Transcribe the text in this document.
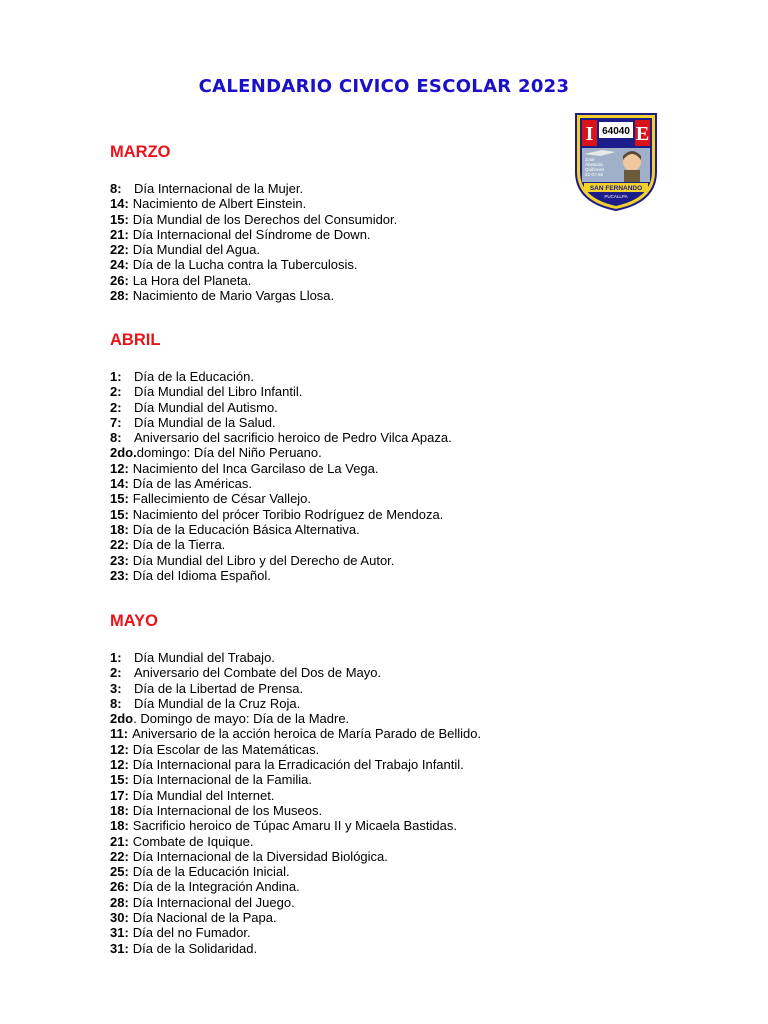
CALENDARIO CIVICO ESCOLAR 2023
I E
64040
José
Abelardo
Quiñones
22-07-68
SAN FERNANDO
PUCALLPA
MARZO
8: Día Internacional de la Mujer.
14: Nacimiento de Albert Einstein.
15: Día Mundial de los Derechos del Consumidor.
21: Día Internacional del Síndrome de Down.
22: Día Mundial del Agua.
24: Día de la Lucha contra la Tuberculosis.
26: La Hora del Planeta.
28: Nacimiento de Mario Vargas Llosa.
ABRIL
1: Día de la Educación.
2: Día Mundial del Libro Infantil.
2: Día Mundial del Autismo.
7: Día Mundial de la Salud.
8: Aniversario del sacrificio heroico de Pedro Vilca Apaza.
2do.domingo: Día del Niño Peruano.
12: Nacimiento del Inca Garcilaso de La Vega.
14: Día de las Américas.
15: Fallecimiento de César Vallejo.
15: Nacimiento del prócer Toribio Rodríguez de Mendoza.
18: Día de la Educación Básica Alternativa.
22: Día de la Tierra.
23: Día Mundial del Libro y del Derecho de Autor.
23: Día del Idioma Español.
MAYO
1: Día Mundial del Trabajo.
2: Aniversario del Combate del Dos de Mayo.
3: Día de la Libertad de Prensa.
8: Día Mundial de la Cruz Roja.
2do. Domingo de mayo: Día de la Madre.
11: Aniversario de la acción heroica de María Parado de Bellido.
12: Día Escolar de las Matemáticas.
12: Día Internacional para la Erradicación del Trabajo Infantil.
15: Día Internacional de la Familia.
17: Día Mundial del Internet.
18: Día Internacional de los Museos.
18: Sacrificio heroico de Túpac Amaru II y Micaela Bastidas.
21: Combate de Iquique.
22: Día Internacional de la Diversidad Biológica.
25: Día de la Educación Inicial.
26: Día de la Integración Andina.
28: Día Internacional del Juego.
30: Día Nacional de la Papa.
31: Día del no Fumador.
31: Día de la Solidaridad.
